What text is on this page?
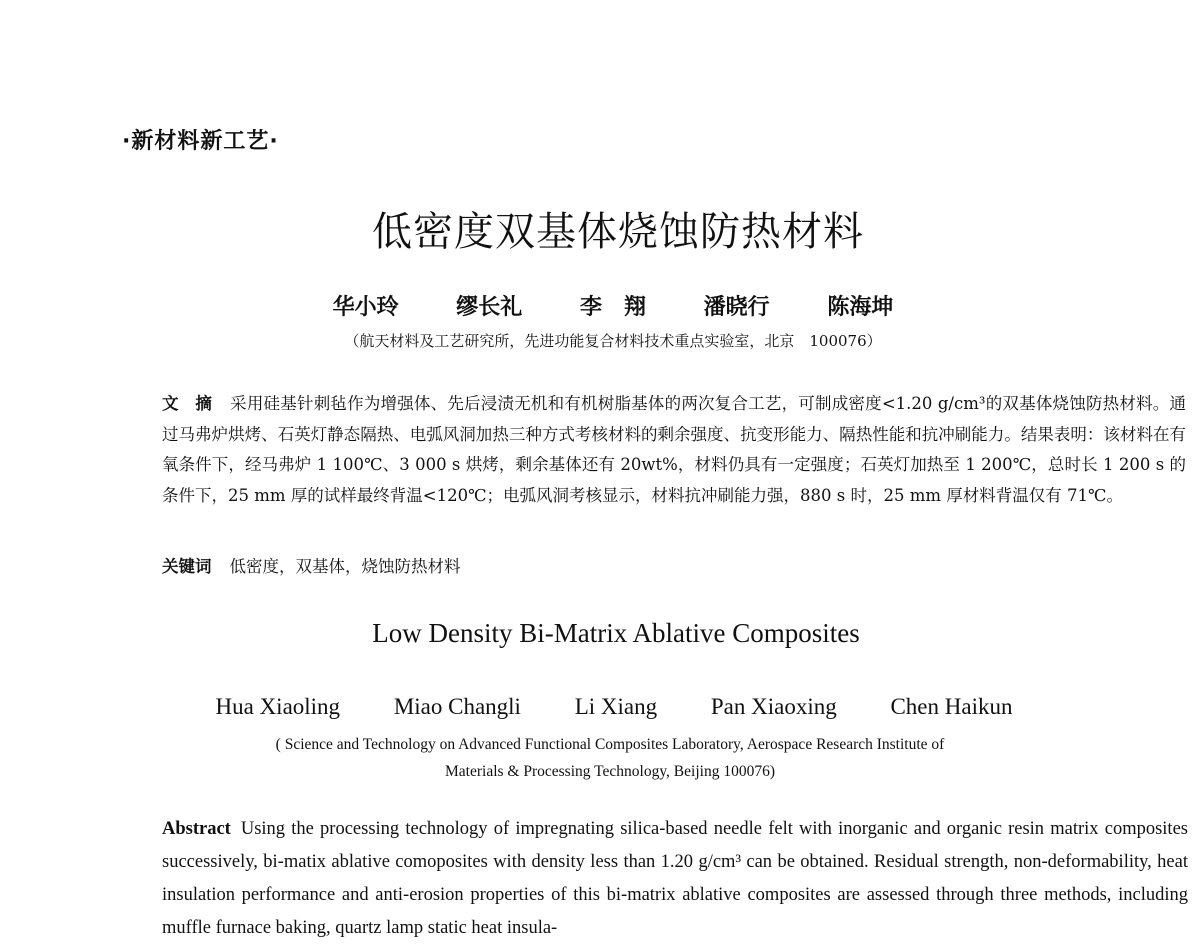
·新材料新工艺·
低密度双基体烧蚀防热材料
华小玲	缪长礼	李　翔	潘晓行	陈海坤
（航天材料及工艺研究所，先进功能复合材料技术重点实验室，北京　100076）
文　摘 采用硅基针刺毡作为增强体、先后浸渍无机和有机树脂基体的两次复合工艺，可制成密度<1.20 g/cm³的双基体烧蚀防热材料。通过马弗炉烘烤、石英灯静态隔热、电弧风洞加热三种方式考核材料的剩余强度、抗变形能力、隔热性能和抗冲刷能力。结果表明：该材料在有氧条件下，经马弗炉 1 100℃、3 000 s 烘烤，剩余基体还有 20wt%，材料仍具有一定强度；石英灯加热至 1 200℃，总时长 1 200 s 的条件下，25 mm 厚的试样最终背温<120℃；电弧风洞考核显示，材料抗冲刷能力强，880 s 时，25 mm 厚材料背温仅有 71℃。
关键词 低密度，双基体，烧蚀防热材料
Low Density Bi-Matrix Ablative Composites
Hua Xiaoling Miao Changli Li Xiang Pan Xiaoxing Chen Haikun
( Science and Technology on Advanced Functional Composites Laboratory, Aerospace Research Institute of
Materials & Processing Technology, Beijing 100076)
Abstract Using the processing technology of impregnating silica-based needle felt with inorganic and organic resin matrix composites successively, bi-matix ablative comoposites with density less than 1.20 g/cm³ can be obtained. Residual strength, non-deformability, heat insulation performance and anti-erosion properties of this bi-matrix ablative composites are assessed through three methods, including muffle furnace baking, quartz lamp static heat insula-
